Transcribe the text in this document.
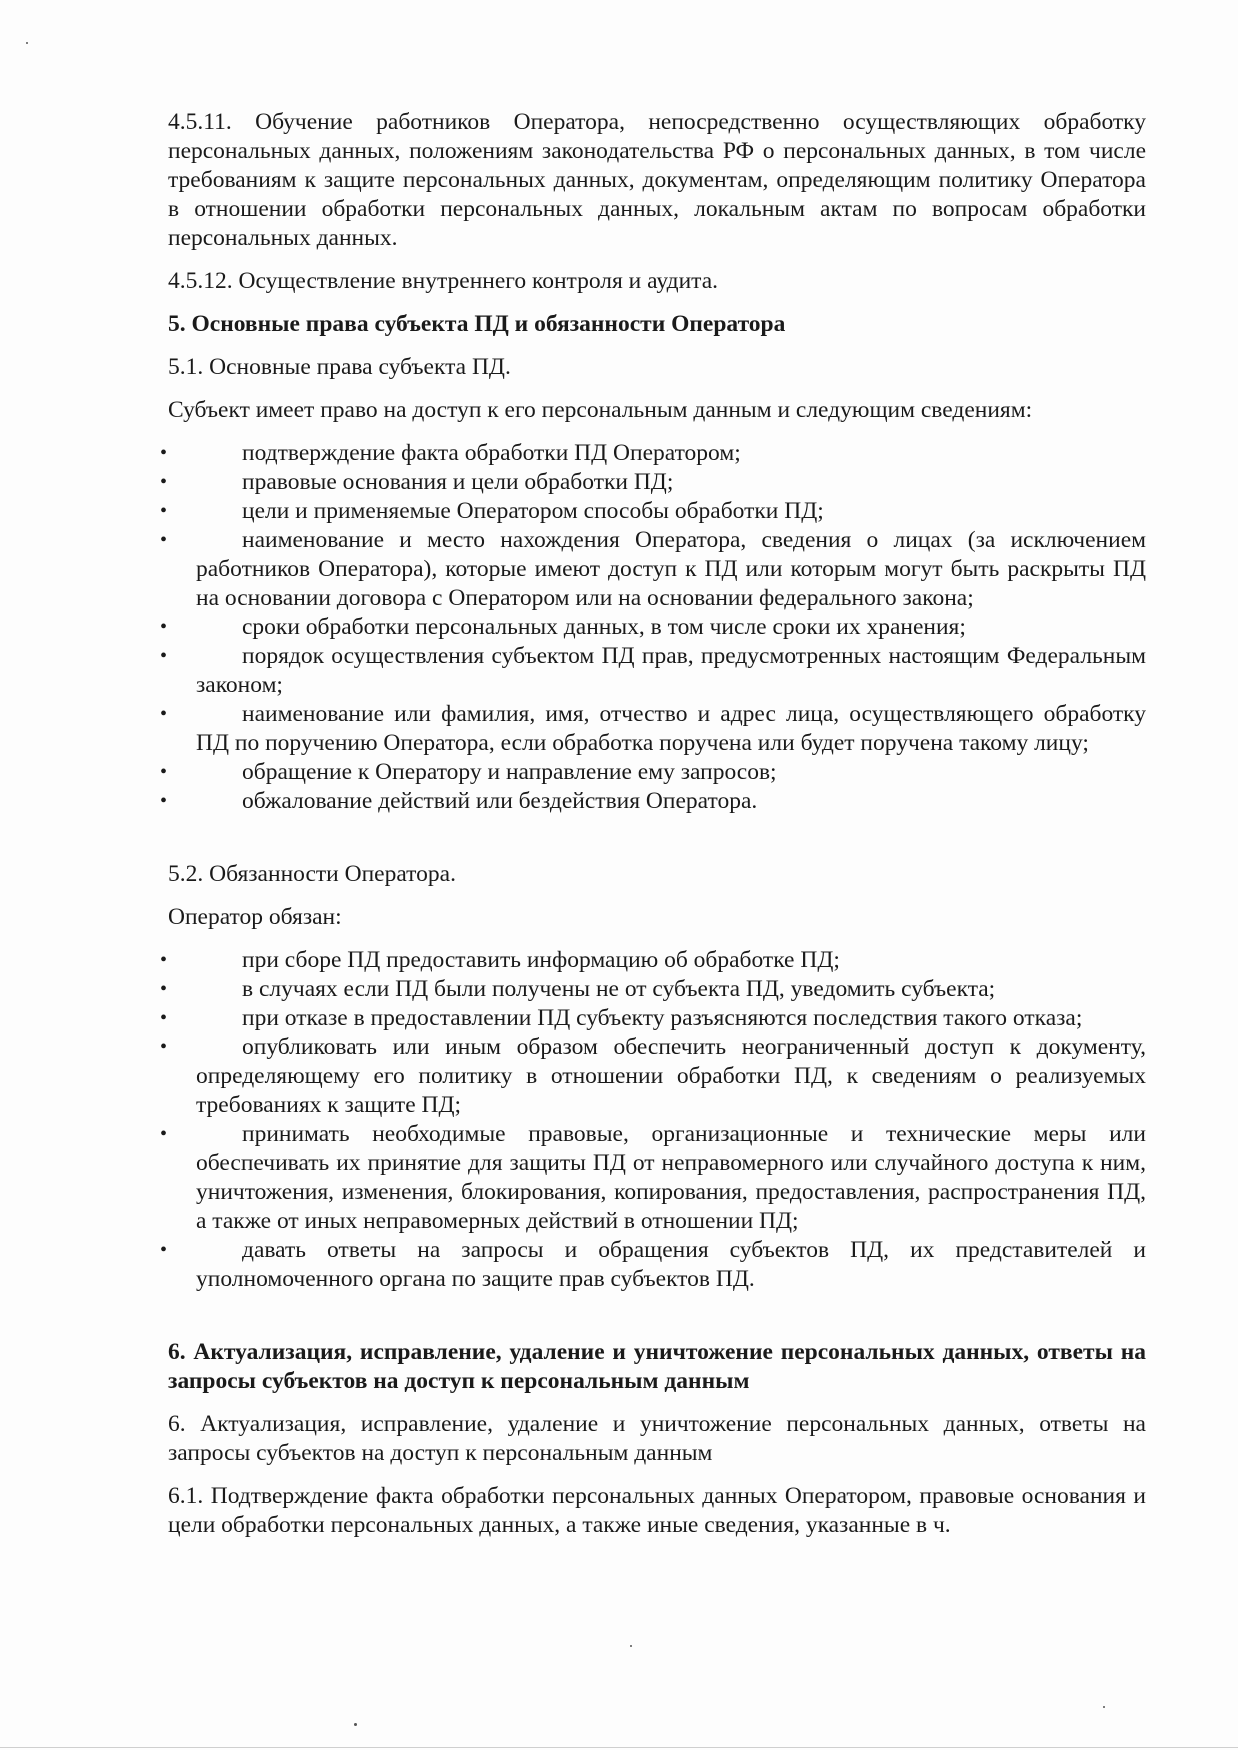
4.5.11. Обучение работников Оператора, непосредственно осуществляющих обработку персональных данных, положениям законодательства РФ о персональных данных, в том числе требованиям к защите персональных данных, документам, определяющим политику Оператора в отношении обработки персональных данных, локальным актам по вопросам обработки персональных данных.

4.5.12. Осуществление внутреннего контроля и аудита.

5. Основные права субъекта ПД и обязанности Оператора

5.1. Основные права субъекта ПД.

Субъект имеет право на доступ к его персональным данным и следующим сведениям:

•	подтверждение факта обработки ПД Оператором;
•	правовые основания и цели обработки ПД;
•	цели и применяемые Оператором способы обработки ПД;
•	наименование и место нахождения Оператора, сведения о лицах (за исключением работников Оператора), которые имеют доступ к ПД или которым могут быть раскрыты ПД на основании договора с Оператором или на основании федерального закона;
•	сроки обработки персональных данных, в том числе сроки их хранения;
•	порядок осуществления субъектом ПД прав, предусмотренных настоящим Федеральным законом;
•	наименование или фамилия, имя, отчество и адрес лица, осуществляющего обработку ПД по поручению Оператора, если обработка поручена или будет поручена такому лицу;
•	обращение к Оператору и направление ему запросов;
•	обжалование действий или бездействия Оператора.

5.2. Обязанности Оператора.

Оператор обязан:

•	при сборе ПД предоставить информацию об обработке ПД;
•	в случаях если ПД были получены не от субъекта ПД, уведомить субъекта;
•	при отказе в предоставлении ПД субъекту разъясняются последствия такого отказа;
•	опубликовать или иным образом обеспечить неограниченный доступ к документу, определяющему его политику в отношении обработки ПД, к сведениям о реализуемых требованиях к защите ПД;
•	принимать необходимые правовые, организационные и технические меры или обеспечивать их принятие для защиты ПД от неправомерного или случайного доступа к ним, уничтожения, изменения, блокирования, копирования, предоставления, распространения ПД, а также от иных неправомерных действий в отношении ПД;
•	давать ответы на запросы и обращения субъектов ПД, их представителей и уполномоченного органа по защите прав субъектов ПД.

6. Актуализация, исправление, удаление и уничтожение персональных данных, ответы на запросы субъектов на доступ к персональным данным

6. Актуализация, исправление, удаление и уничтожение персональных данных, ответы на запросы субъектов на доступ к персональным данным

6.1. Подтверждение факта обработки персональных данных Оператором, правовые основания и цели обработки персональных данных, а также иные сведения, указанные в ч.
